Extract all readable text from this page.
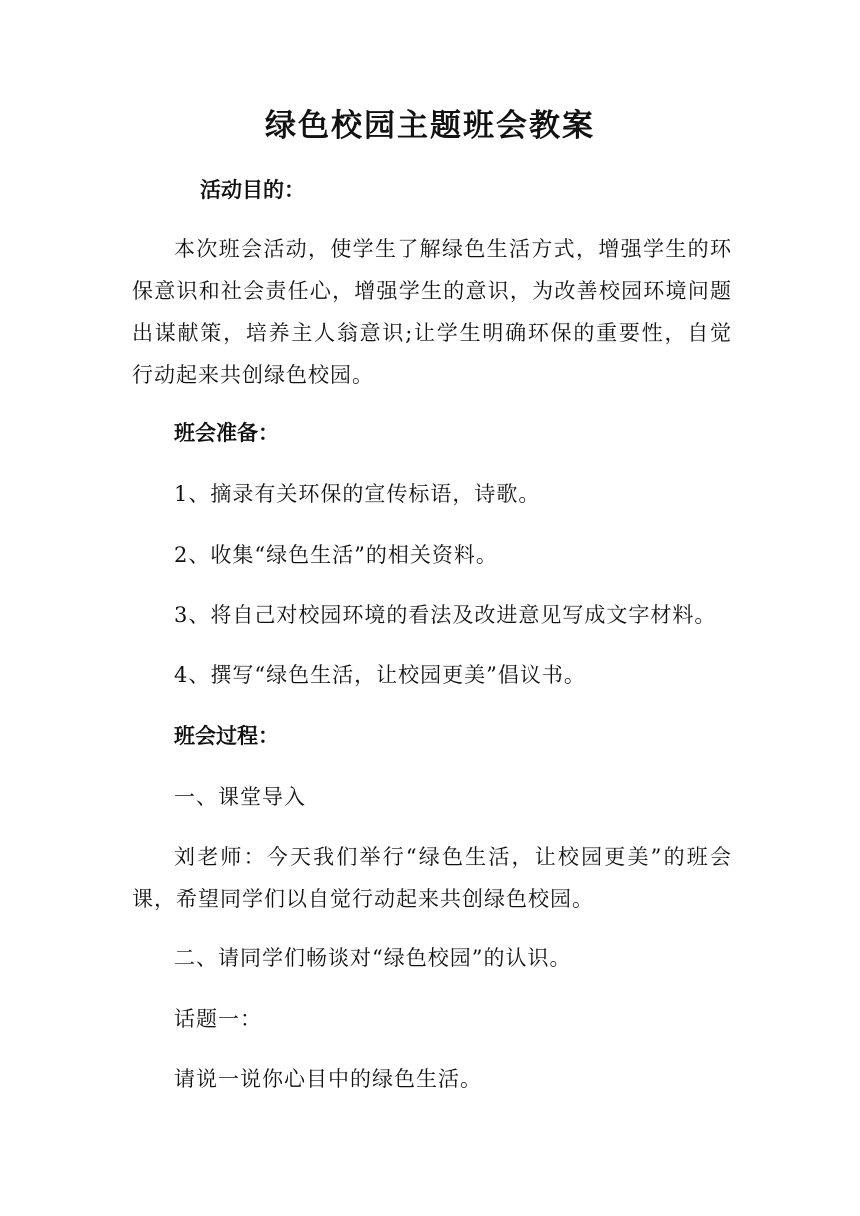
绿色校园主题班会教案

活动目的：

本次班会活动，使学生了解绿色生活方式，增强学生的环保意识和社会责任心，增强学生的意识，为改善校园环境问题出谋献策，培养主人翁意识;让学生明确环保的重要性，自觉行动起来共创绿色校园。

班会准备：

1、摘录有关环保的宣传标语，诗歌。

2、收集“绿色生活”的相关资料。

3、将自己对校园环境的看法及改进意见写成文字材料。

4、撰写“绿色生活，让校园更美”倡议书。

班会过程：

一、课堂导入

刘老师：今天我们举行“绿色生活，让校园更美”的班会课，希望同学们以自觉行动起来共创绿色校园。

二、请同学们畅谈对“绿色校园”的认识。

话题一：

请说一说你心目中的绿色生活。
